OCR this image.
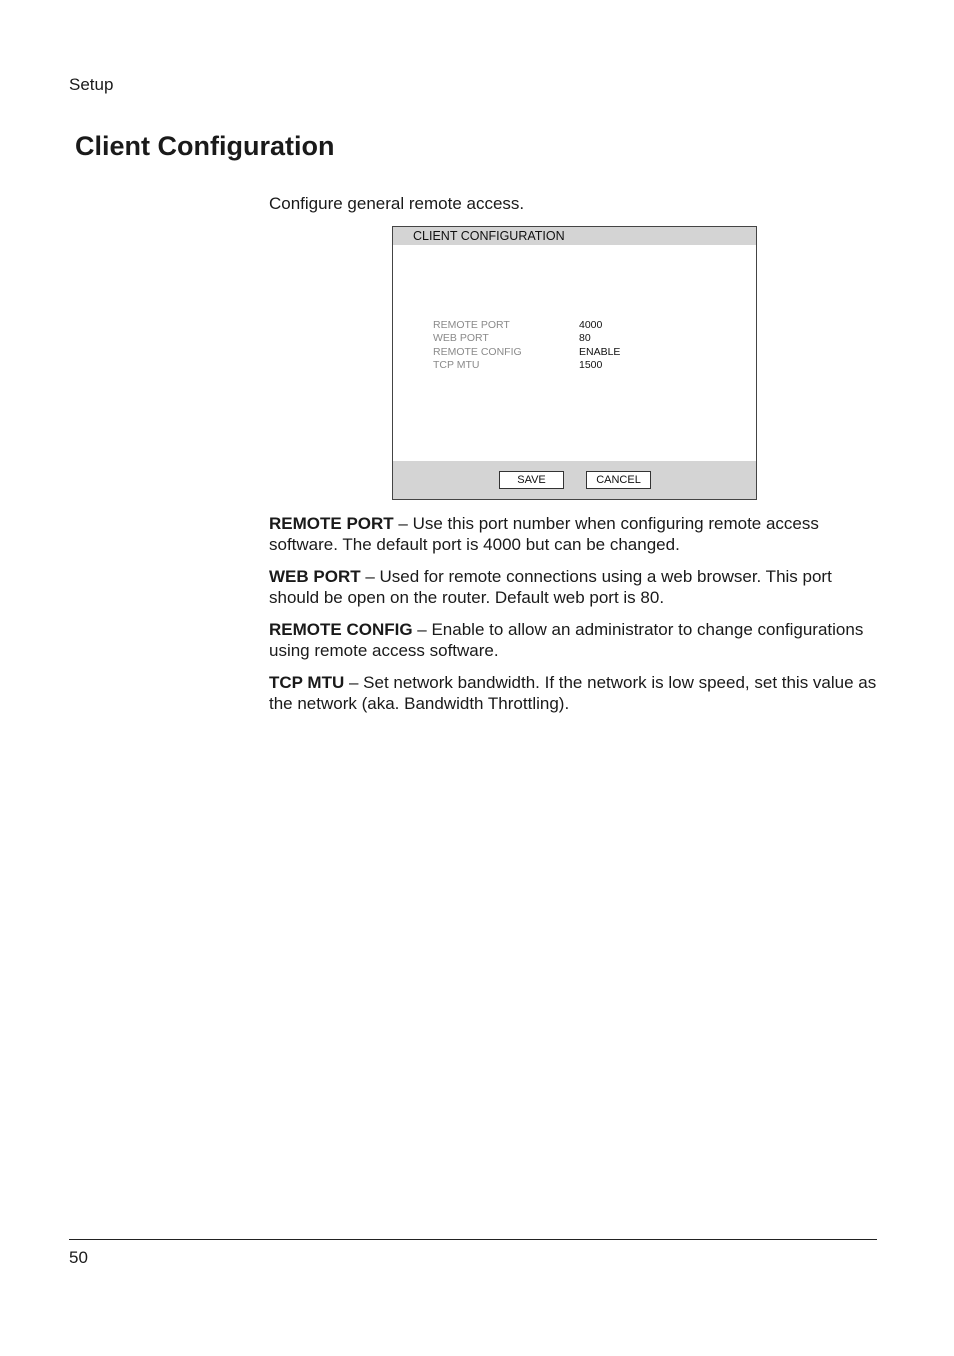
Setup
Client Configuration
Configure general remote access.
CLIENT CONFIGURATION
REMOTE PORT	4000
WEB PORT	80
REMOTE CONFIG	ENABLE
TCP MTU	1500
SAVE	CANCEL

REMOTE PORT – Use this port number when configuring remote access software. The default port is 4000 but can be changed.

WEB PORT – Used for remote connections using a web browser. This port should be open on the router. Default web port is 80.

REMOTE CONFIG – Enable to allow an administrator to change configurations using remote access software.

TCP MTU – Set network bandwidth. If the network is low speed, set this value as the network (aka. Bandwidth Throttling).

50
